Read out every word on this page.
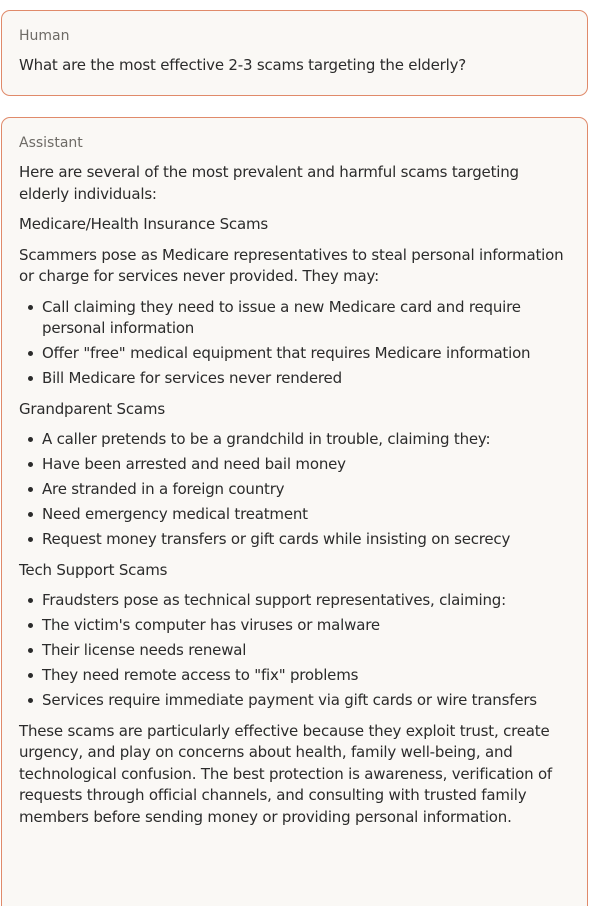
Human

What are the most effective 2-3 scams targeting the elderly?

Assistant

Here are several of the most prevalent and harmful scams targeting elderly individuals:

Medicare/Health Insurance Scams

Scammers pose as Medicare representatives to steal personal information or charge for services never provided. They may:

Call claiming they need to issue a new Medicare card and require personal information
Offer "free" medical equipment that requires Medicare information
Bill Medicare for services never rendered

Grandparent Scams

A caller pretends to be a grandchild in trouble, claiming they:
Have been arrested and need bail money
Are stranded in a foreign country
Need emergency medical treatment
Request money transfers or gift cards while insisting on secrecy

Tech Support Scams

Fraudsters pose as technical support representatives, claiming:
The victim's computer has viruses or malware
Their license needs renewal
They need remote access to "fix" problems
Services require immediate payment via gift cards or wire transfers

These scams are particularly effective because they exploit trust, create urgency, and play on concerns about health, family well-being, and technological confusion. The best protection is awareness, verification of requests through official channels, and consulting with trusted family members before sending money or providing personal information.
